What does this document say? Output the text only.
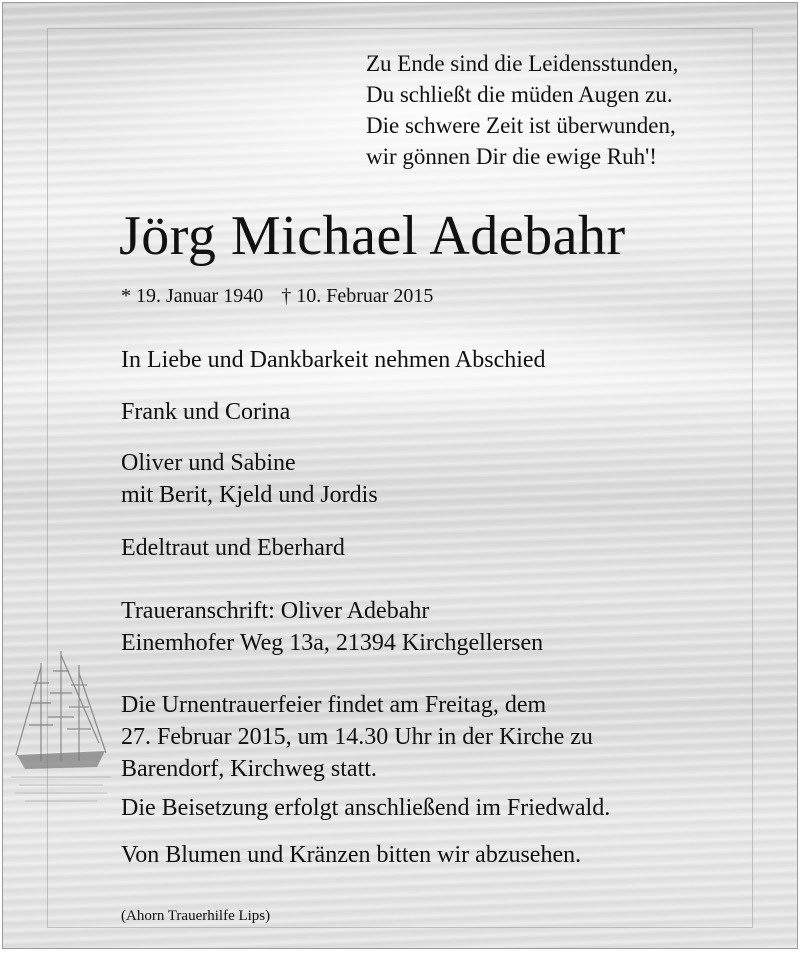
Zu Ende sind die Leidensstunden,
Du schließt die müden Augen zu.
Die schwere Zeit ist überwunden,
wir gönnen Dir die ewige Ruh'!
Jörg Michael Adebahr
* 19. Januar 1940 † 10. Februar 2015
In Liebe und Dankbarkeit nehmen Abschied
Frank und Corina
Oliver und Sabine
mit Berit, Kjeld und Jordis
Edeltraut und Eberhard
Traueranschrift: Oliver Adebahr
Einemhofer Weg 13a, 21394 Kirchgellersen
Die Urnentrauerfeier findet am Freitag, dem
27. Februar 2015, um 14.30 Uhr in der Kirche zu
Barendorf, Kirchweg statt.
Die Beisetzung erfolgt anschließend im Friedwald.
Von Blumen und Kränzen bitten wir abzusehen.
(Ahorn Trauerhilfe Lips)
